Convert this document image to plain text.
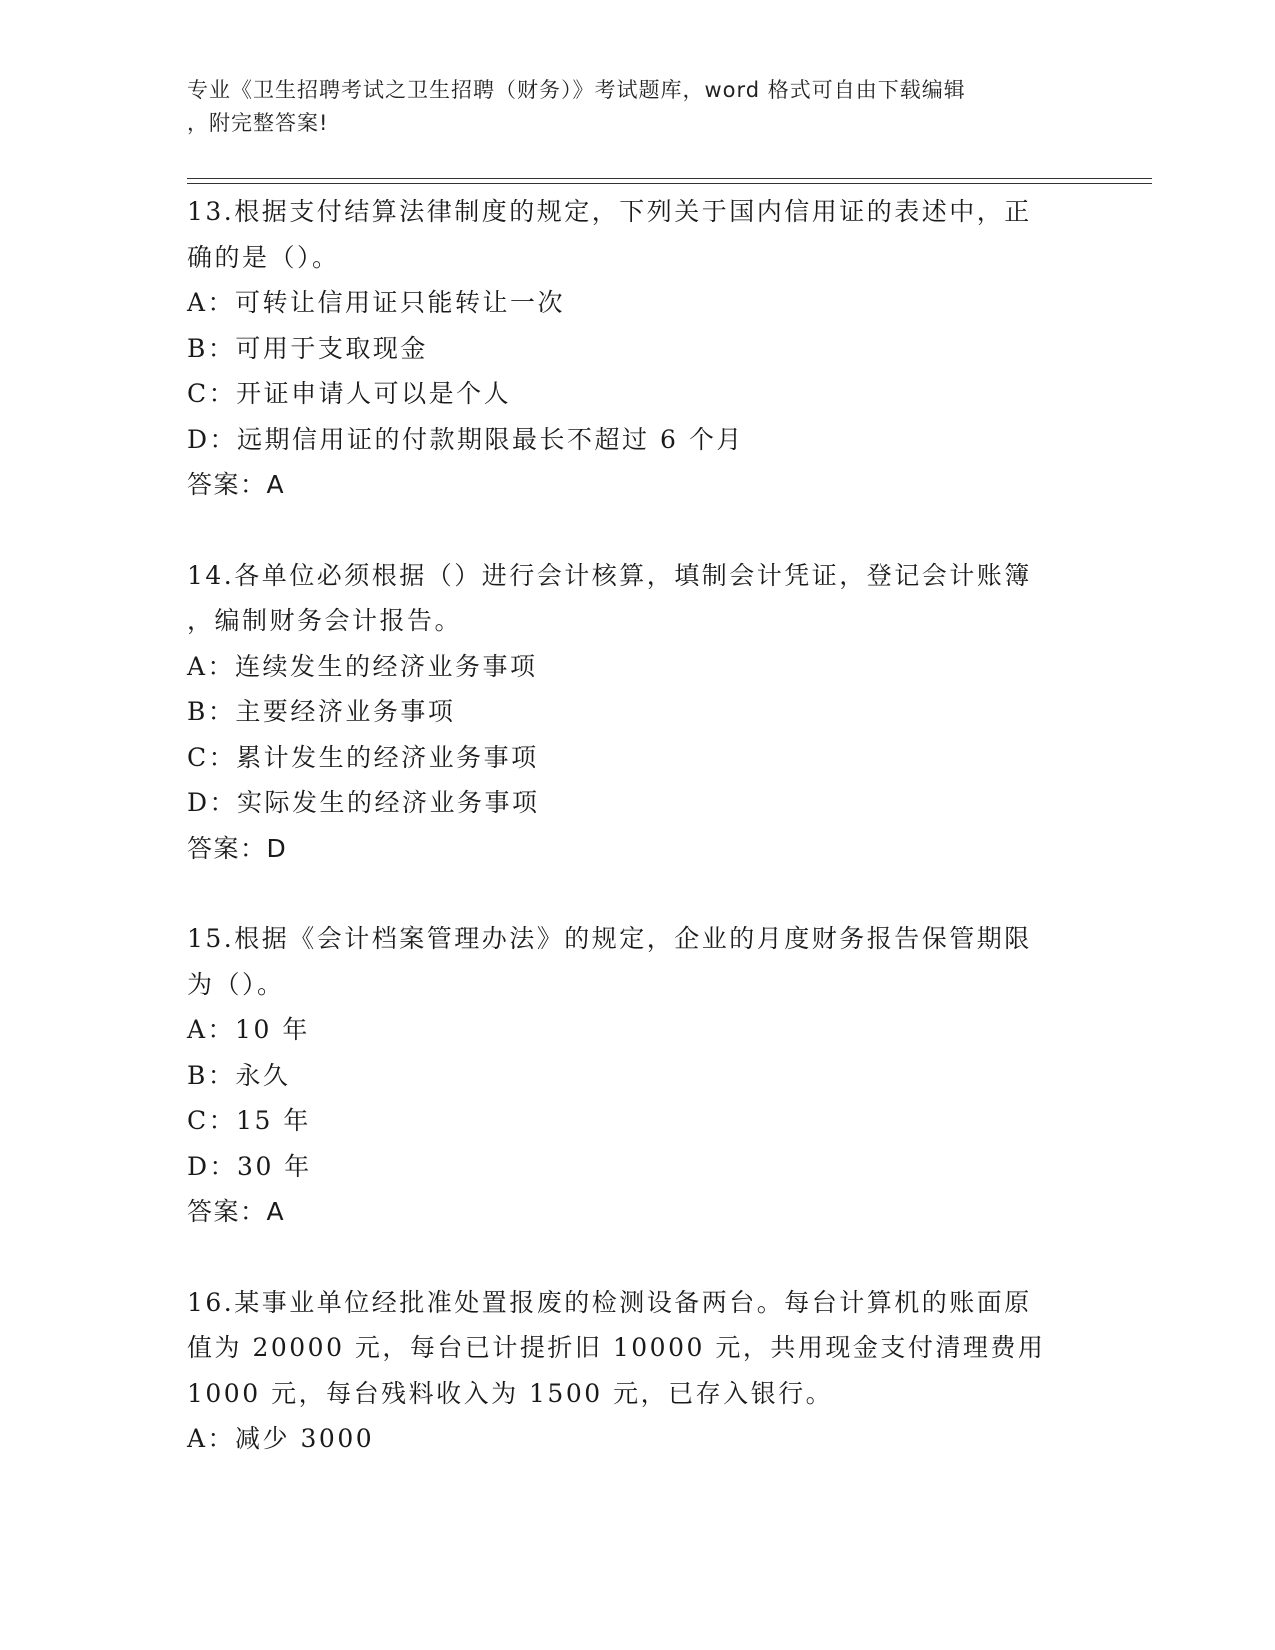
专业《卫生招聘考试之卫生招聘（财务）》考试题库，word 格式可自由下载编辑
，附完整答案!
13.根据支付结算法律制度的规定，下列关于国内信用证的表述中，正
确的是（）。
A：可转让信用证只能转让一次
B：可用于支取现金
C：开证申请人可以是个人
D：远期信用证的付款期限最长不超过 6 个月
答案：A
14.各单位必须根据（）进行会计核算，填制会计凭证，登记会计账簿
，编制财务会计报告。
A：连续发生的经济业务事项
B：主要经济业务事项
C：累计发生的经济业务事项
D：实际发生的经济业务事项
答案：D
15.根据《会计档案管理办法》的规定，企业的月度财务报告保管期限
为（）。
A：10 年
B：永久
C：15 年
D：30 年
答案：A
16.某事业单位经批准处置报废的检测设备两台。每台计算机的账面原
值为 20000 元，每台已计提折旧 10000 元，共用现金支付清理费用
1000 元，每台残料收入为 1500 元，已存入银行。
A：减少 3000
